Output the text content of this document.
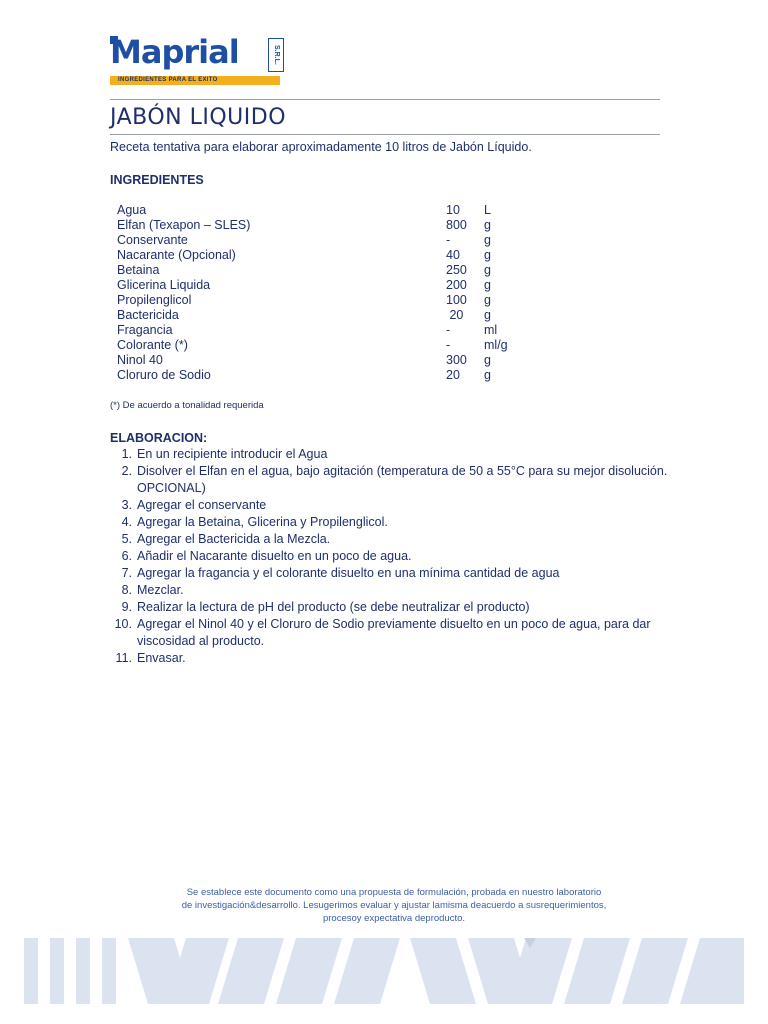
Maprial	S.R.L.
INGREDIENTES PARA EL EXITO
JABÓN LIQUIDO
Receta tentativa para elaborar aproximadamente 10 litros de Jabón Líquido.
INGREDIENTES
Agua	10	L
Elfan (Texapon – SLES)	800	g
Conservante	-	g
Nacarante (Opcional)	40	g
Betaina	250	g
Glicerina Liquida	200	g
Propilenglicol	100	g
Bactericida	20	g
Fragancia	-	ml
Colorante (*)	-	ml/g
Ninol 40	300	g
Cloruro de Sodio	20	g
(*) De acuerdo a tonalidad requerida
ELABORACION:
1. En un recipiente introducir el Agua
2. Disolver el Elfan en el agua, bajo agitación (temperatura de 50 a 55°C para su mejor disolución. OPCIONAL)
3. Agregar el conservante
4. Agregar la Betaina, Glicerina y Propilenglicol.
5. Agregar el Bactericida a la Mezcla.
6. Añadir el Nacarante disuelto en un poco de agua.
7. Agregar la fragancia y el colorante disuelto en una mínima cantidad de agua
8. Mezclar.
9. Realizar la lectura de pH del producto (se debe neutralizar el producto)
10. Agregar el Ninol 40 y el Cloruro de Sodio previamente disuelto en un poco de agua, para dar viscosidad al producto.
11. Envasar.
Se establece este documento como una propuesta de formulación, probada en nuestro laboratorio
de investigación&desarrollo. Lesugerimos evaluar y ajustar lamisma deacuerdo a susrequerimientos,
procesoy expectativa deproducto.
